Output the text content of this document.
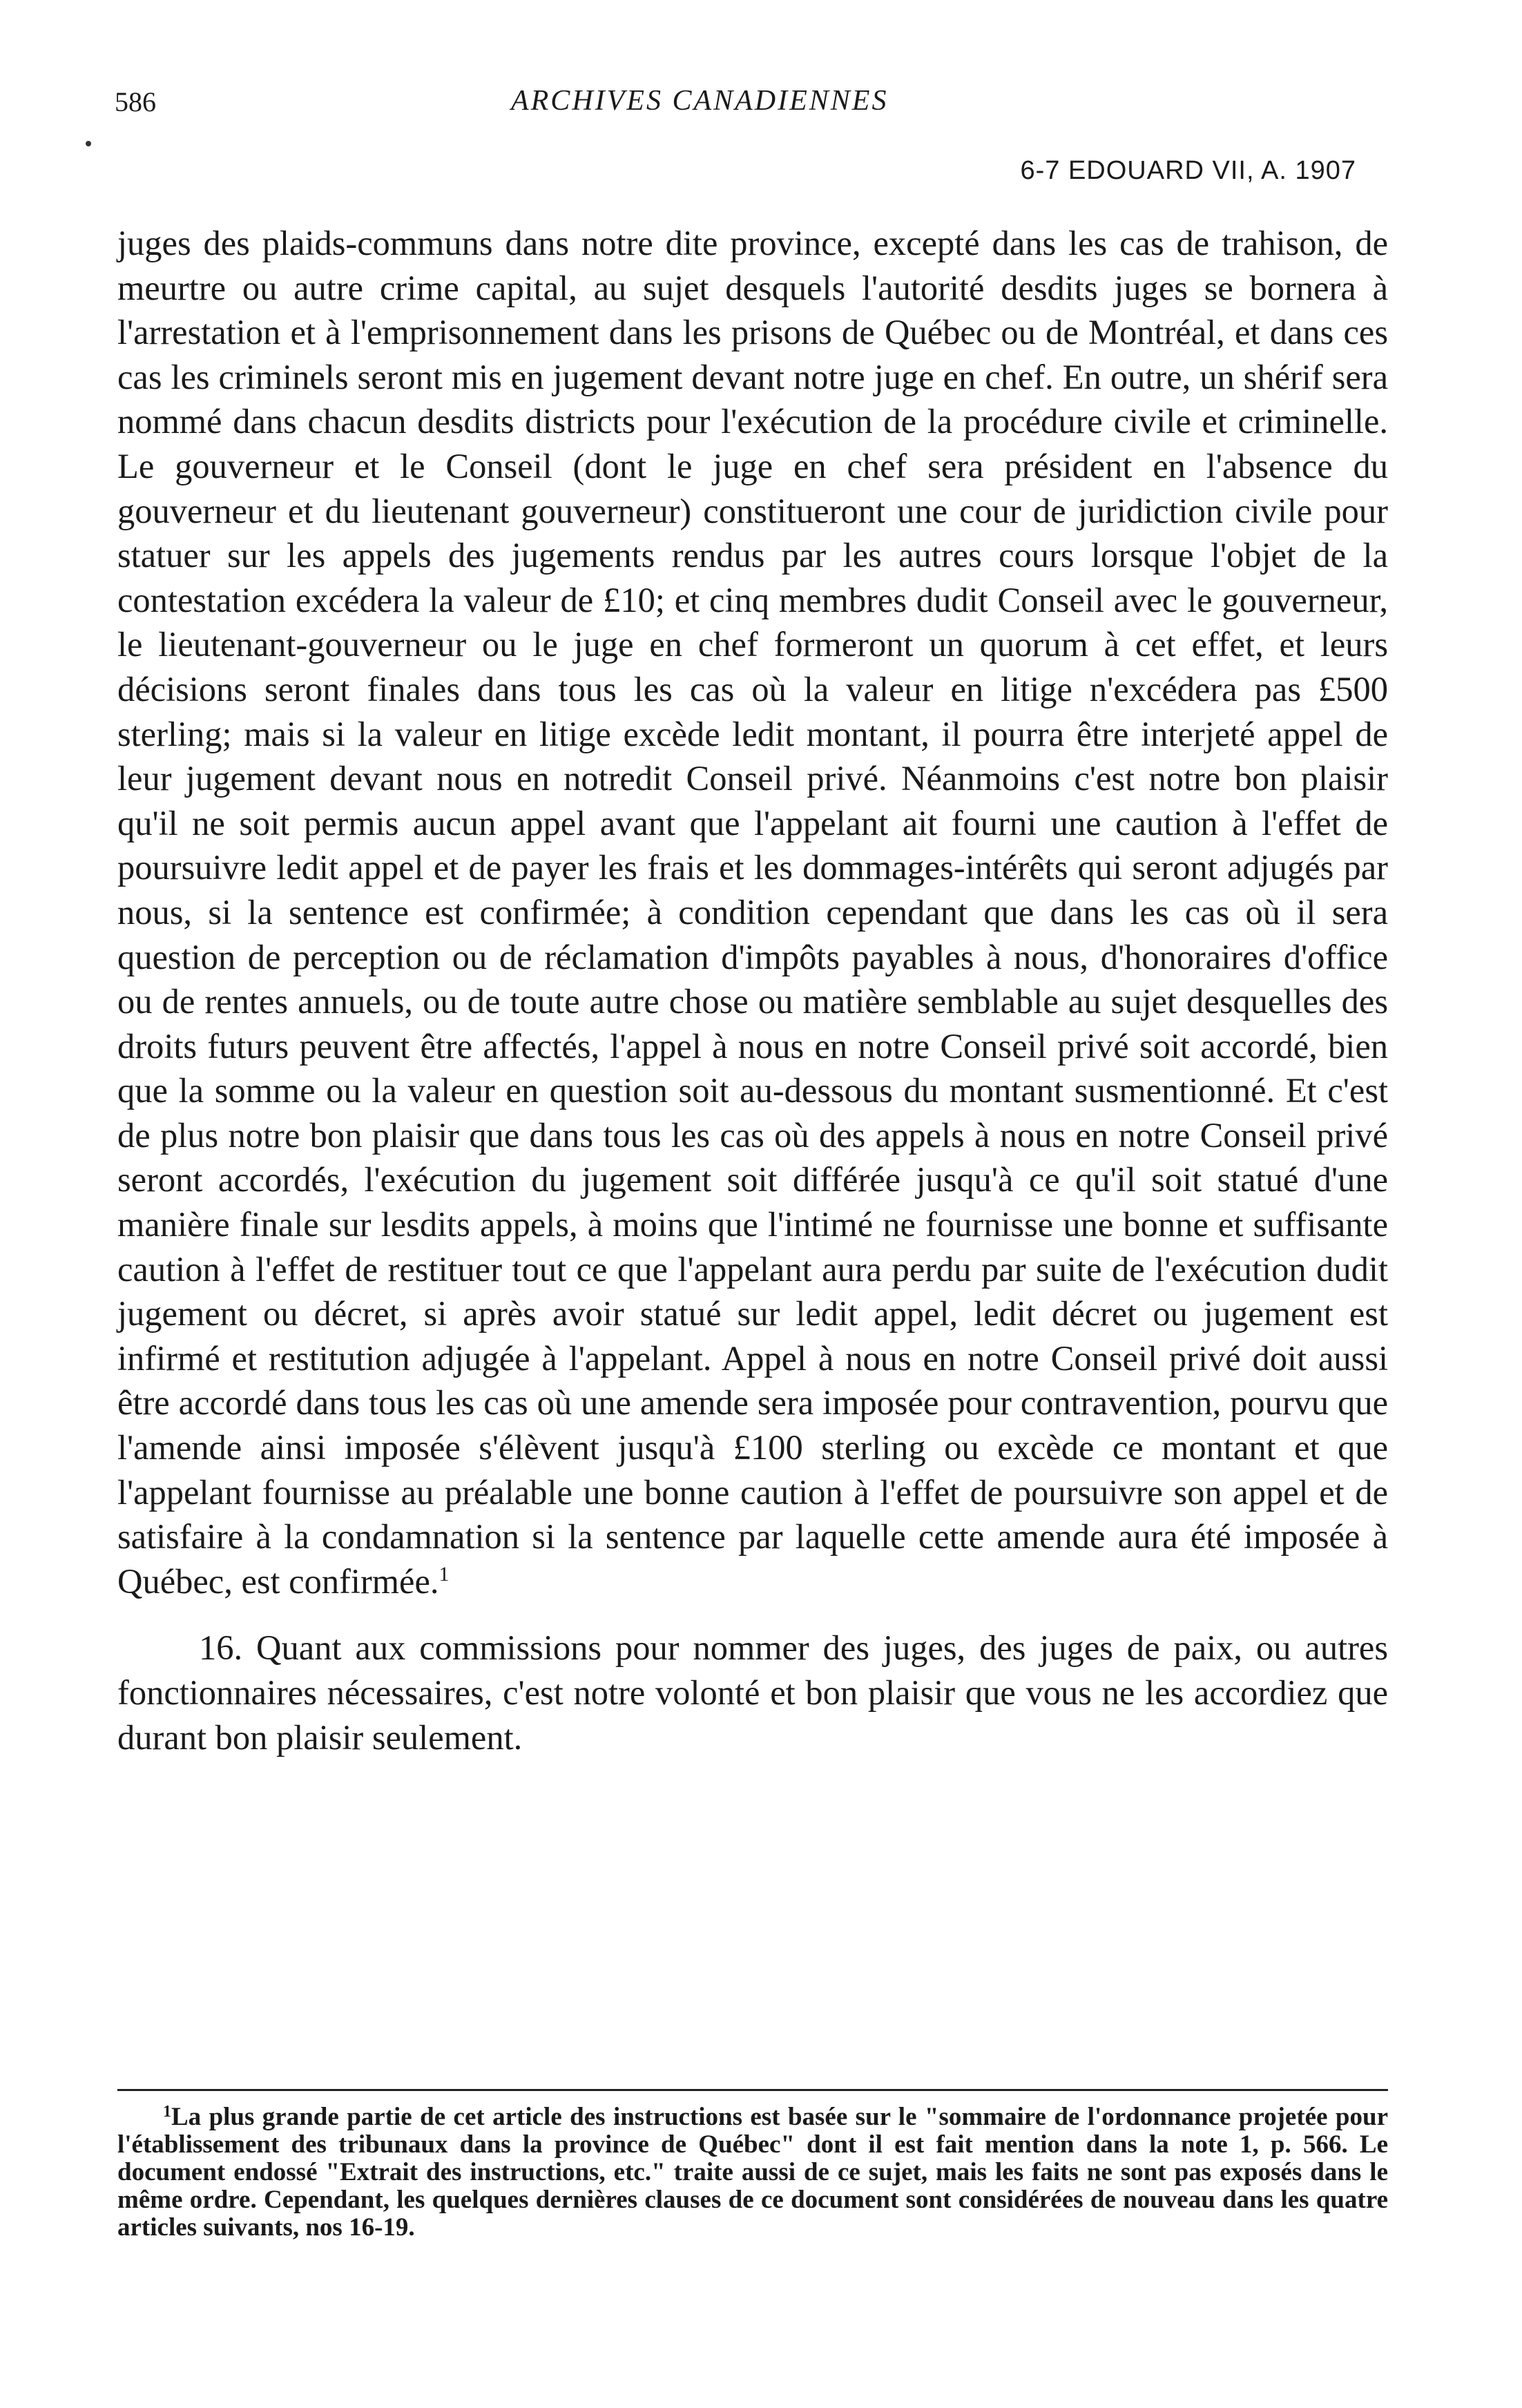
586	ARCHIVES CANADIENNES
6-7 EDOUARD VII, A. 1907

juges des plaids-communs dans notre dite province, excepté dans les cas de trahison, de meurtre ou autre crime capital, au sujet desquels l'autorité desdits juges se bornera à l'arrestation et à l'emprisonnement dans les prisons de Québec ou de Montréal, et dans ces cas les criminels seront mis en jugement devant notre juge en chef. En outre, un shérif sera nommé dans chacun desdits districts pour l'exécution de la procédure civile et criminelle. Le gouverneur et le Conseil (dont le juge en chef sera président en l'absence du gouverneur et du lieutenant gouverneur) constitueront une cour de juridiction civile pour statuer sur les appels des jugements rendus par les autres cours lorsque l'objet de la contestation excédera la valeur de £10; et cinq membres dudit Conseil avec le gouverneur, le lieutenant-gouverneur ou le juge en chef formeront un quorum à cet effet, et leurs décisions seront finales dans tous les cas où la valeur en litige n'excédera pas £500 sterling; mais si la valeur en litige excède ledit montant, il pourra être interjeté appel de leur jugement devant nous en notredit Conseil privé. Néanmoins c'est notre bon plaisir qu'il ne soit permis aucun appel avant que l'appelant ait fourni une caution à l'effet de poursuivre ledit appel et de payer les frais et les dommages-intérêts qui seront adjugés par nous, si la sentence est confirmée; à condition cependant que dans les cas où il sera question de perception ou de réclamation d'impôts payables à nous, d'honoraires d'office ou de rentes annuels, ou de toute autre chose ou matière semblable au sujet desquelles des droits futurs peuvent être affectés, l'appel à nous en notre Conseil privé soit accordé, bien que la somme ou la valeur en question soit au-dessous du montant susmentionné. Et c'est de plus notre bon plaisir que dans tous les cas où des appels à nous en notre Conseil privé seront accordés, l'exécution du jugement soit différée jusqu'à ce qu'il soit statué d'une manière finale sur lesdits appels, à moins que l'intimé ne fournisse une bonne et suffisante caution à l'effet de restituer tout ce que l'appelant aura perdu par suite de l'exécution dudit jugement ou décret, si après avoir statué sur ledit appel, ledit décret ou jugement est infirmé et restitution adjugée à l'appelant. Appel à nous en notre Conseil privé doit aussi être accordé dans tous les cas où une amende sera imposée pour contravention, pourvu que l'amende ainsi imposée s'élèvent jusqu'à £100 sterling ou excède ce montant et que l'appelant fournisse au préalable une bonne caution à l'effet de poursuivre son appel et de satisfaire à la condamnation si la sentence par laquelle cette amende aura été imposée à Québec, est confirmée.$^1$

16. Quant aux commissions pour nommer des juges, des juges de paix, ou autres fonctionnaires nécessaires, c'est notre volonté et bon plaisir que vous ne les accordiez que durant bon plaisir seulement.

$^1$La plus grande partie de cet article des instructions est basée sur le "sommaire de l'ordonnance projetée pour l'établissement des tribunaux dans la province de Québec" dont il est fait mention dans la note 1, p. 566. Le document endossé "Extrait des instructions, etc." traite aussi de ce sujet, mais les faits ne sont pas exposés dans le même ordre. Cependant, les quelques dernières clauses de ce document sont considérées de nouveau dans les quatre articles suivants, nos 16-19.
